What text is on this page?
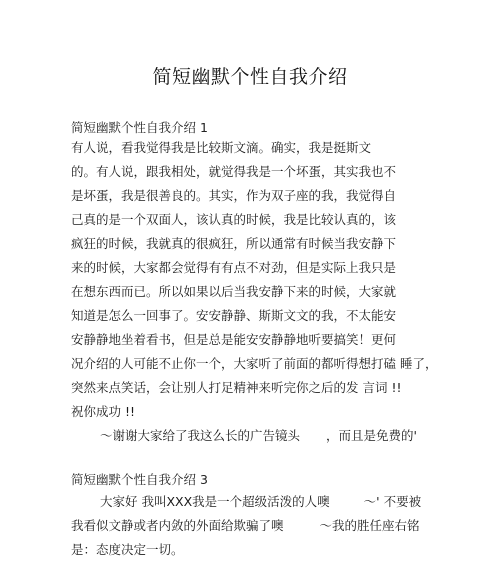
简短幽默个性自我介绍
简短幽默个性自我介绍 1
有人说，看我觉得我是比较斯文滴。确实，我是挺斯文
的。有人说，跟我相处，就觉得我是一个坏蛋，其实我也不
是坏蛋，我是很善良的。其实，作为双子座的我，我觉得自
己真的是一个双面人，该认真的时候，我是比较认真的，该
疯狂的时候，我就真的很疯狂，所以通常有时候当我安静下
来的时候，大家都会觉得有有点不对劲，但是实际上我只是
在想东西而已。所以如果以后当我安静下来的时候，大家就
知道是怎么一回事了。安安静静、斯斯文文的我，不太能安
安静静地坐着看书，但是总是能安安静静地听要搞笑！更何
况介绍的人可能不止你一个，大家听了前面的都听得想打磕 睡了，
突然来点笑话，会让别人打足精神来听完你之后的发 言词 !!
祝你成功 !!
〜谢谢大家给了我这么长的广告镜头 ，而且是免费的'
简短幽默个性自我介绍 3
大家好 我叫XXX我是一个超级活泼的人噢	〜' 不要被
我看似文静或者内敛的外面给欺骗了噢	〜我的胜任座右铭
是：态度决定一切。
